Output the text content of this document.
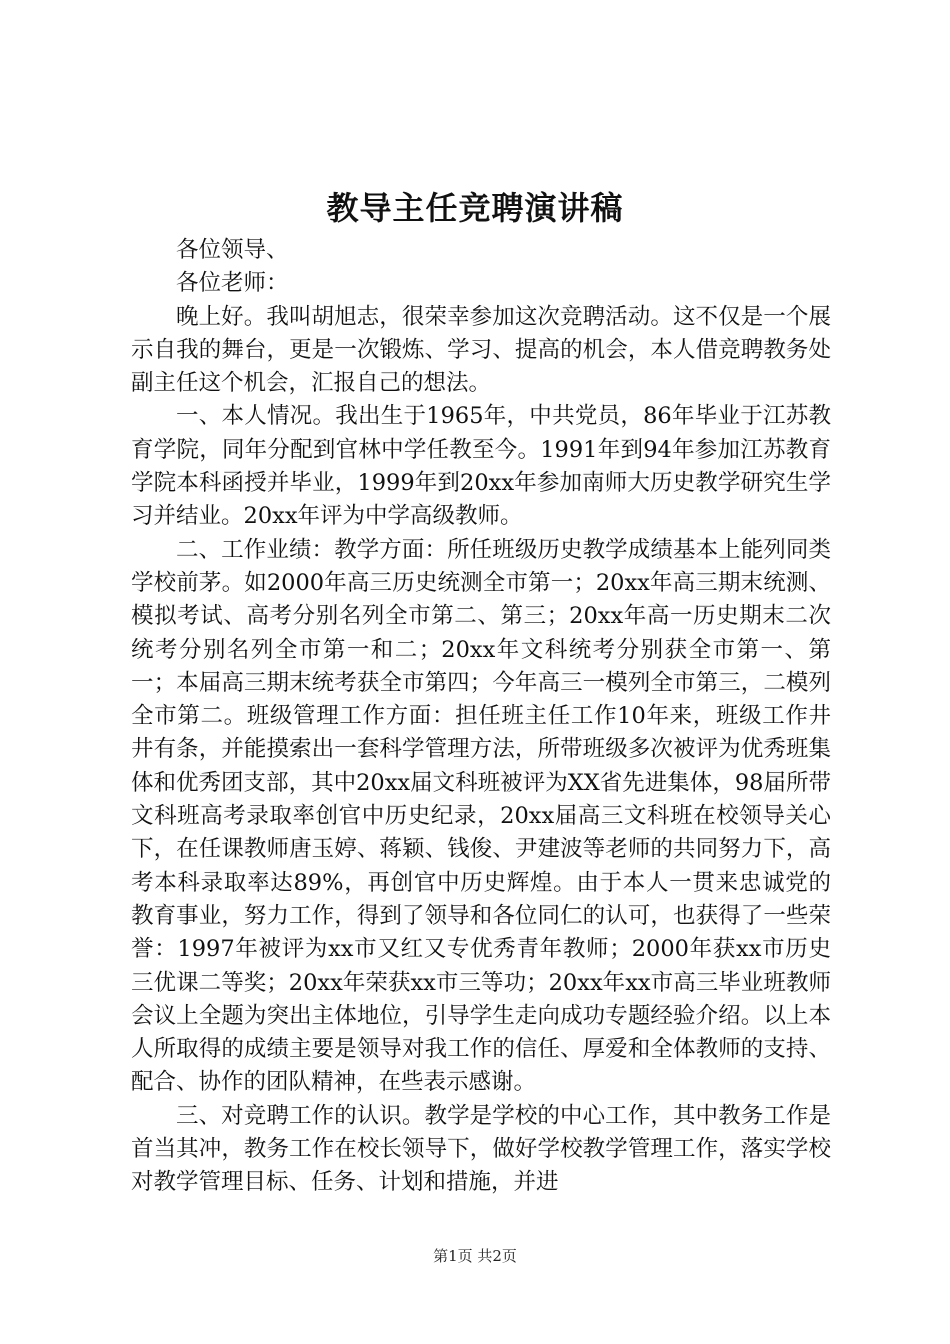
教导主任竞聘演讲稿

各位领导、

各位老师：

晚上好。我叫胡旭志，很荣幸参加这次竞聘活动。这不仅是一个展示自我的舞台，更是一次锻炼、学习、提高的机会，本人借竞聘教务处副主任这个机会，汇报自己的想法。

一、本人情况。我出生于1965年，中共党员，86年毕业于江苏教育学院，同年分配到官林中学任教至今。1991年到94年参加江苏教育学院本科函授并毕业，1999年到20xx年参加南师大历史教学研究生学习并结业。20xx年评为中学高级教师。

二、工作业绩：教学方面：所任班级历史教学成绩基本上能列同类学校前茅。如2000年高三历史统测全市第一；20xx年高三期末统测、模拟考试、高考分别名列全市第二、第三；20xx年高一历史期末二次统考分别名列全市第一和二；20xx年文科统考分别获全市第一、第一；本届高三期末统考获全市第四；今年高三一模列全市第三，二模列全市第二。班级管理工作方面：担任班主任工作10年来，班级工作井井有条，并能摸索出一套科学管理方法，所带班级多次被评为优秀班集体和优秀团支部，其中20xx届文科班被评为XX省先进集体，98届所带文科班高考录取率创官中历史纪录，20xx届高三文科班在校领导关心下，在任课教师唐玉婷、蒋颖、钱俊、尹建波等老师的共同努力下，高考本科录取率达89%，再创官中历史辉煌。由于本人一贯来忠诚党的教育事业，努力工作，得到了领导和各位同仁的认可，也获得了一些荣誉：1997年被评为xx市又红又专优秀青年教师；2000年获xx市历史三优课二等奖；20xx年荣获xx市三等功；20xx年xx市高三毕业班教师会议上全题为突出主体地位，引导学生走向成功专题经验介绍。以上本人所取得的成绩主要是领导对我工作的信任、厚爱和全体教师的支持、配合、协作的团队精神，在些表示感谢。

三、对竞聘工作的认识。教学是学校的中心工作，其中教务工作是首当其冲，教务工作在校长领导下，做好学校教学管理工作，落实学校对教学管理目标、任务、计划和措施，并进

第1页 共2页
